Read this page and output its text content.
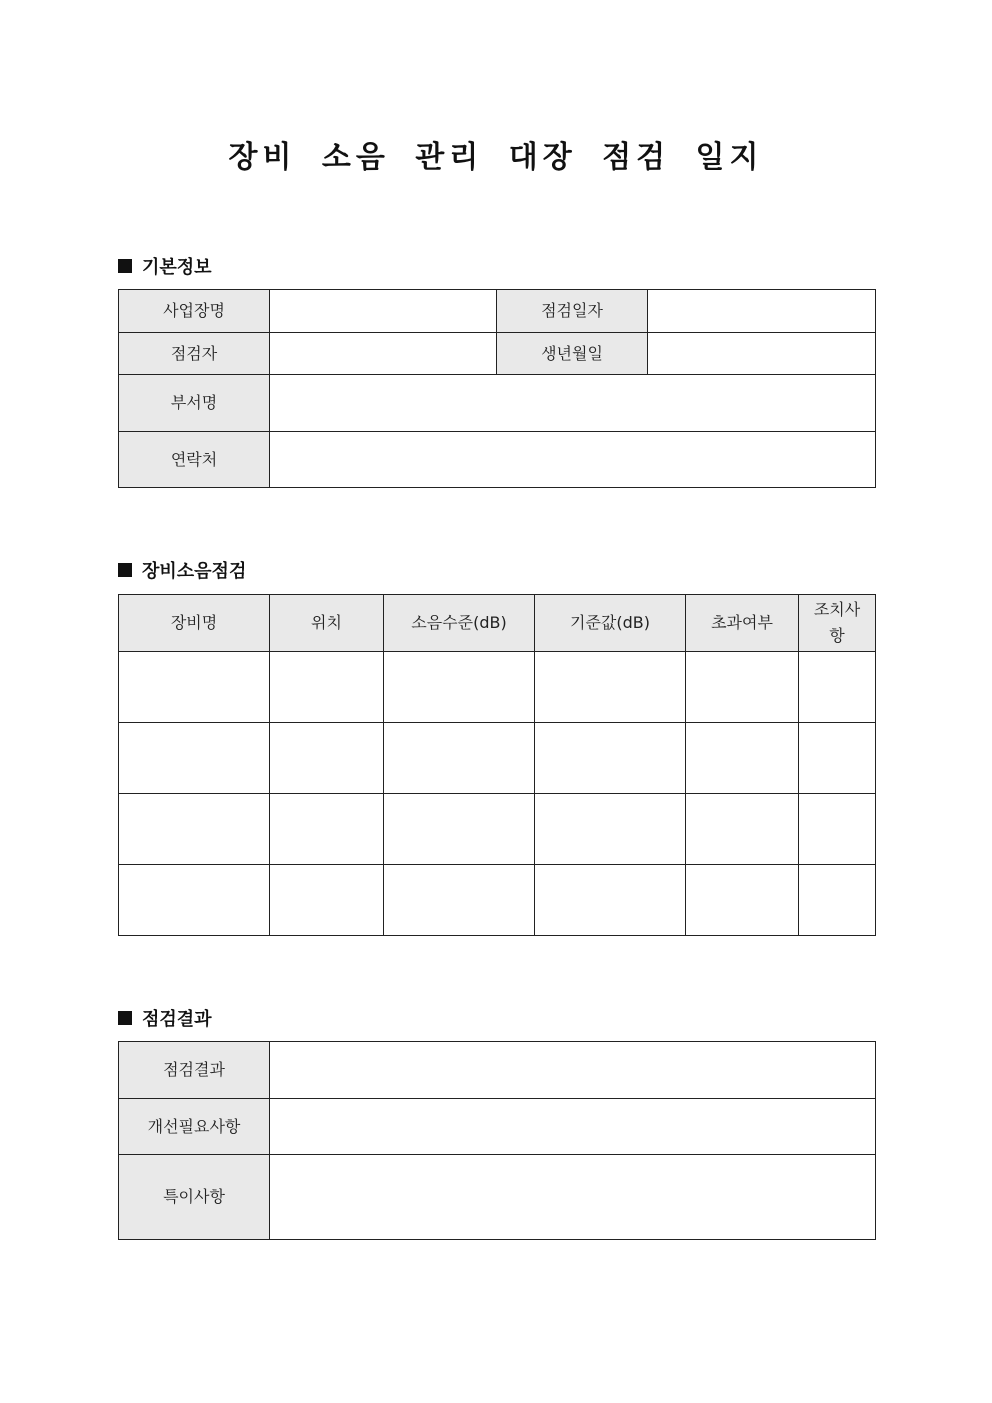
장비 소음 관리 대장 점검 일지
기본정보
사업장명		점검일자	
점검자		생년월일	
부서명			
연락처			
장비소음점검
장비명	위치	소음수준(dB)	기준값(dB)	초과여부	조치사항

점검결과
점검결과	
개선필요사항	
특이사항	
